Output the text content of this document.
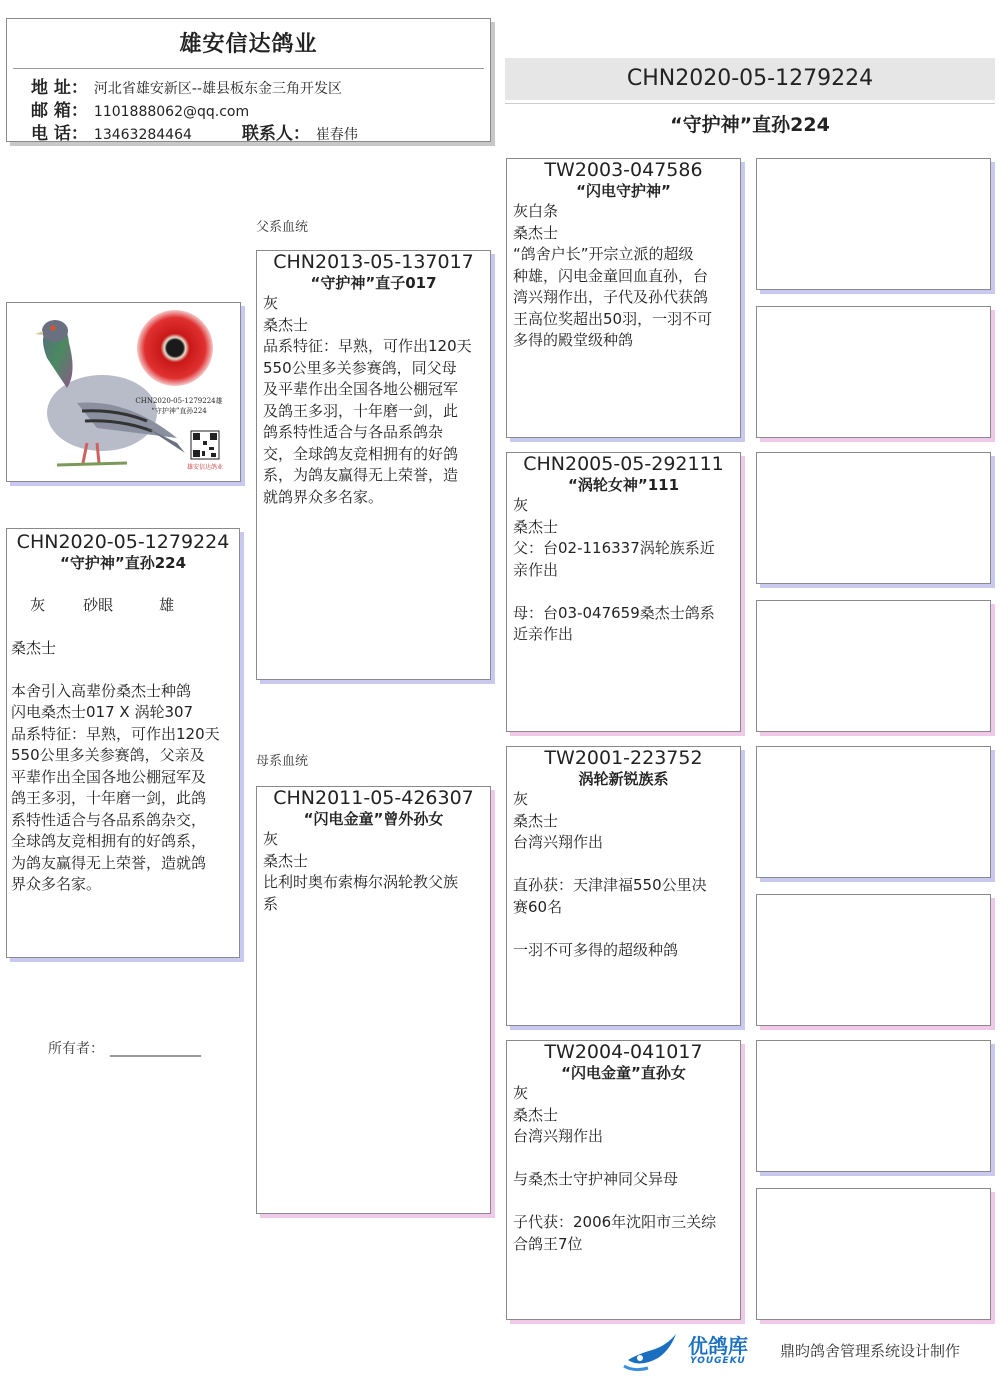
雄安信达鸽业
地 址： 河北省雄安新区--雄县板东金三角开发区
邮 箱： 1101888062@qq.com
电 话： 13463284464	联系人： 崔春伟
CHN2020-05-1279224
“守护神”直孙224
CHN2020-05-1279224雄
“守护神”直孙224
雄安信达鸽业
CHN2020-05-1279224
“守护神”直孙224

灰	砂眼	雄

桑杰士
本舍引入高辈份桑杰士种鸽
闪电桑杰士017 X 涡轮307
品系特征：早熟，可作出120天
550公里多关参赛鸽，父亲及
平辈作出全国各地公棚冠军及
鸽王多羽，十年磨一剑，此鸽
系特性适合与各品系鸽杂交，
全球鸽友竞相拥有的好鸽系，
为鸽友赢得无上荣誉，造就鸽
界众多名家。
所有者： _____________
父系血统
母系血统
CHN2013-05-137017
“守护神”直子017
灰
桑杰士
品系特征：早熟，可作出120天
550公里多关参赛鸽，同父母
及平辈作出全国各地公棚冠军
及鸽王多羽，十年磨一剑，此
鸽系特性适合与各品系鸽杂
交，全球鸽友竞相拥有的好鸽
系，为鸽友赢得无上荣誉，造
就鸽界众多名家。
CHN2011-05-426307
“闪电金童”曾外孙女
灰
桑杰士
比利时奥布索梅尔涡轮教父族
系
TW2003-047586
“闪电守护神”
灰白条
桑杰士
“鸽舍户长”开宗立派的超级
种雄，闪电金童回血直孙，台
湾兴翔作出，子代及孙代获鸽
王高位奖超出50羽，一羽不可
多得的殿堂级种鸽
CHN2005-05-292111
“涡轮女神”111
灰
桑杰士
父：台02-116337涡轮族系近
亲作出
母：台03-047659桑杰士鸽系
近亲作出
TW2001-223752
涡轮新锐族系
灰
桑杰士
台湾兴翔作出
直孙获：天津津福550公里决
赛60名
一羽不可多得的超级种鸽
TW2004-041017
“闪电金童”直孙女
灰
桑杰士
台湾兴翔作出
与桑杰士守护神同父异母
子代获：2006年沈阳市三关综
合鸽王7位
优鸽库
YOUGEKU
鼎昀鸽舍管理系统设计制作
